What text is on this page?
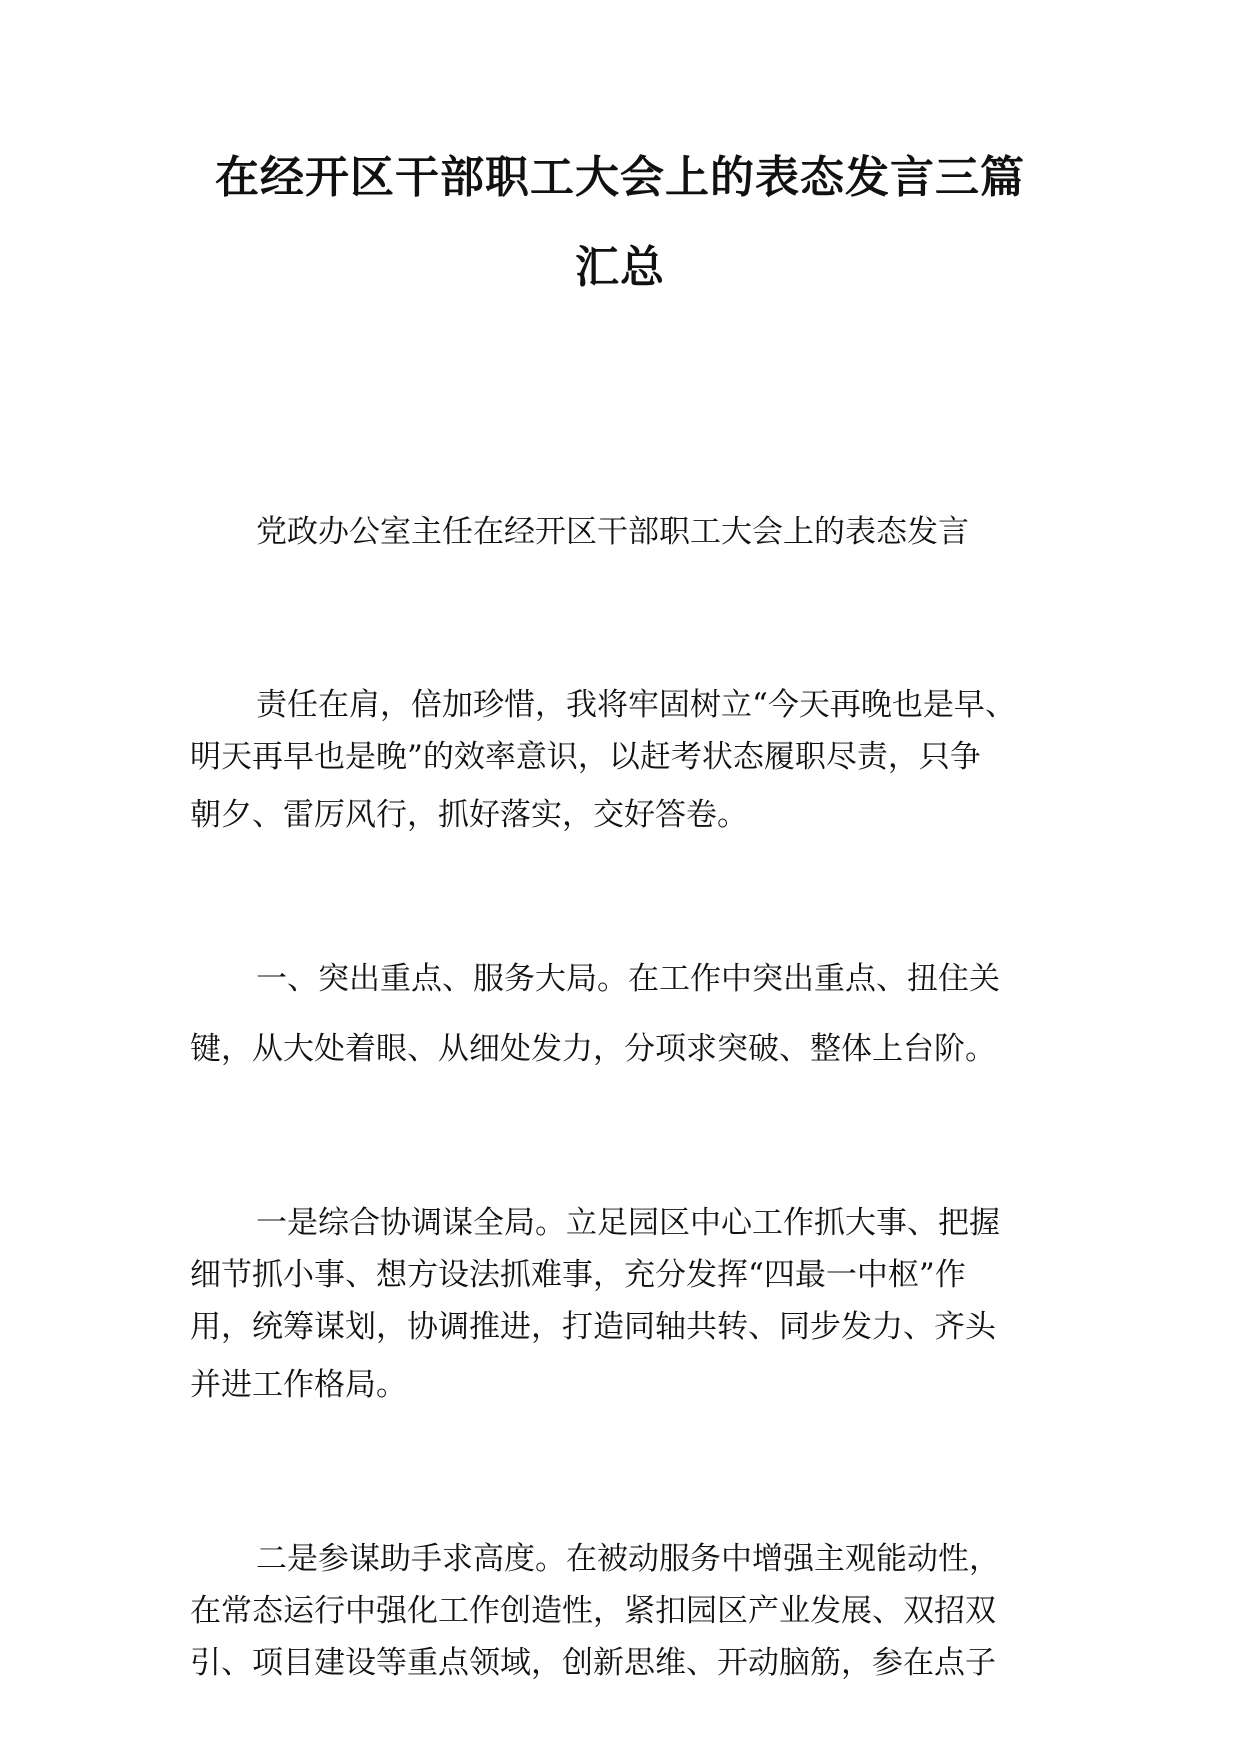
在经开区干部职工大会上的表态发言三篇
汇总

党政办公室主任在经开区干部职工大会上的表态发言

责任在肩，倍加珍惜，我将牢固树立“今天再晚也是早、
明天再早也是晚”的效率意识，以赶考状态履职尽责，只争
朝夕、雷厉风行，抓好落实，交好答卷。
一、突出重点、服务大局。在工作中突出重点、扭住关
键，从大处着眼、从细处发力，分项求突破、整体上台阶。
一是综合协调谋全局。立足园区中心工作抓大事、把握
细节抓小事、想方设法抓难事，充分发挥“四最一中枢”作
用，统筹谋划，协调推进，打造同轴共转、同步发力、齐头
并进工作格局。
二是参谋助手求高度。在被动服务中增强主观能动性，
在常态运行中强化工作创造性，紧扣园区产业发展、双招双
引、项目建设等重点领域，创新思维、开动脑筋，参在点子
